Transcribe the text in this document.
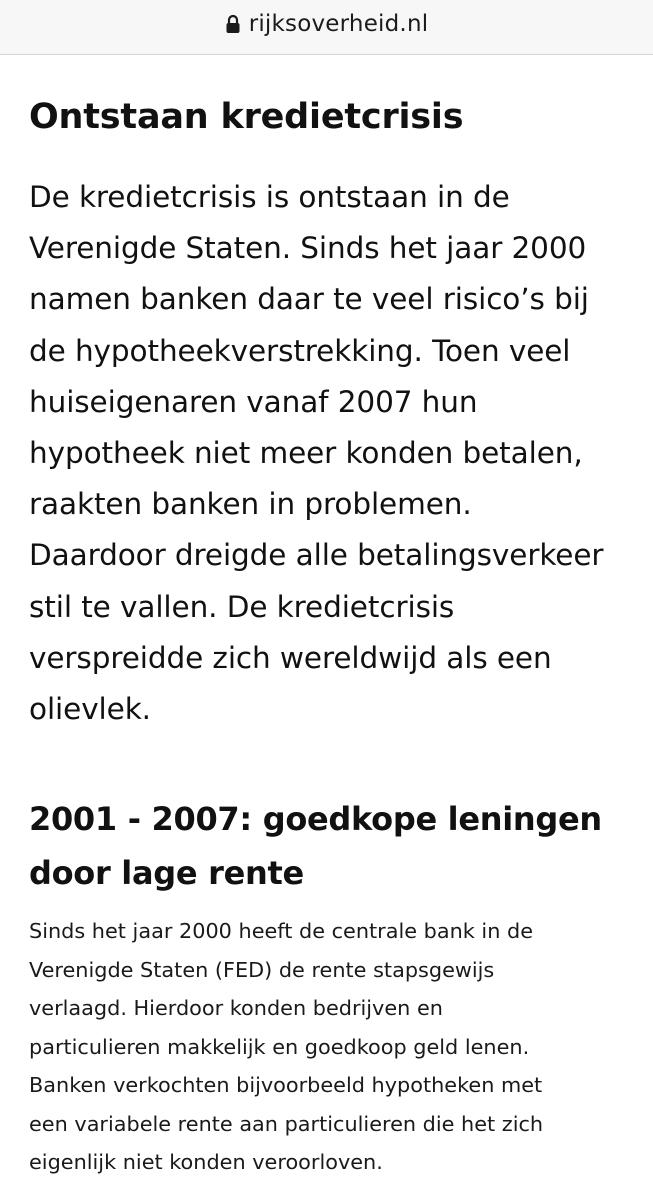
rijksoverheid.nl
Ontstaan kredietcrisis

De kredietcrisis is ontstaan in de
Verenigde Staten. Sinds het jaar 2000
namen banken daar te veel risico’s bij
de hypotheekverstrekking. Toen veel
huiseigenaren vanaf 2007 hun
hypotheek niet meer konden betalen,
raakten banken in problemen.
Daardoor dreigde alle betalingsverkeer
stil te vallen. De kredietcrisis
verspreidde zich wereldwijd als een
olievlek.

2001 - 2007: goedkope leningen
door lage rente

Sinds het jaar 2000 heeft de centrale bank in de
Verenigde Staten (FED) de rente stapsgewijs
verlaagd. Hierdoor konden bedrijven en
particulieren makkelijk en goedkoop geld lenen.
Banken verkochten bijvoorbeeld hypotheken met
een variabele rente aan particulieren die het zich
eigenlijk niet konden veroorloven.
